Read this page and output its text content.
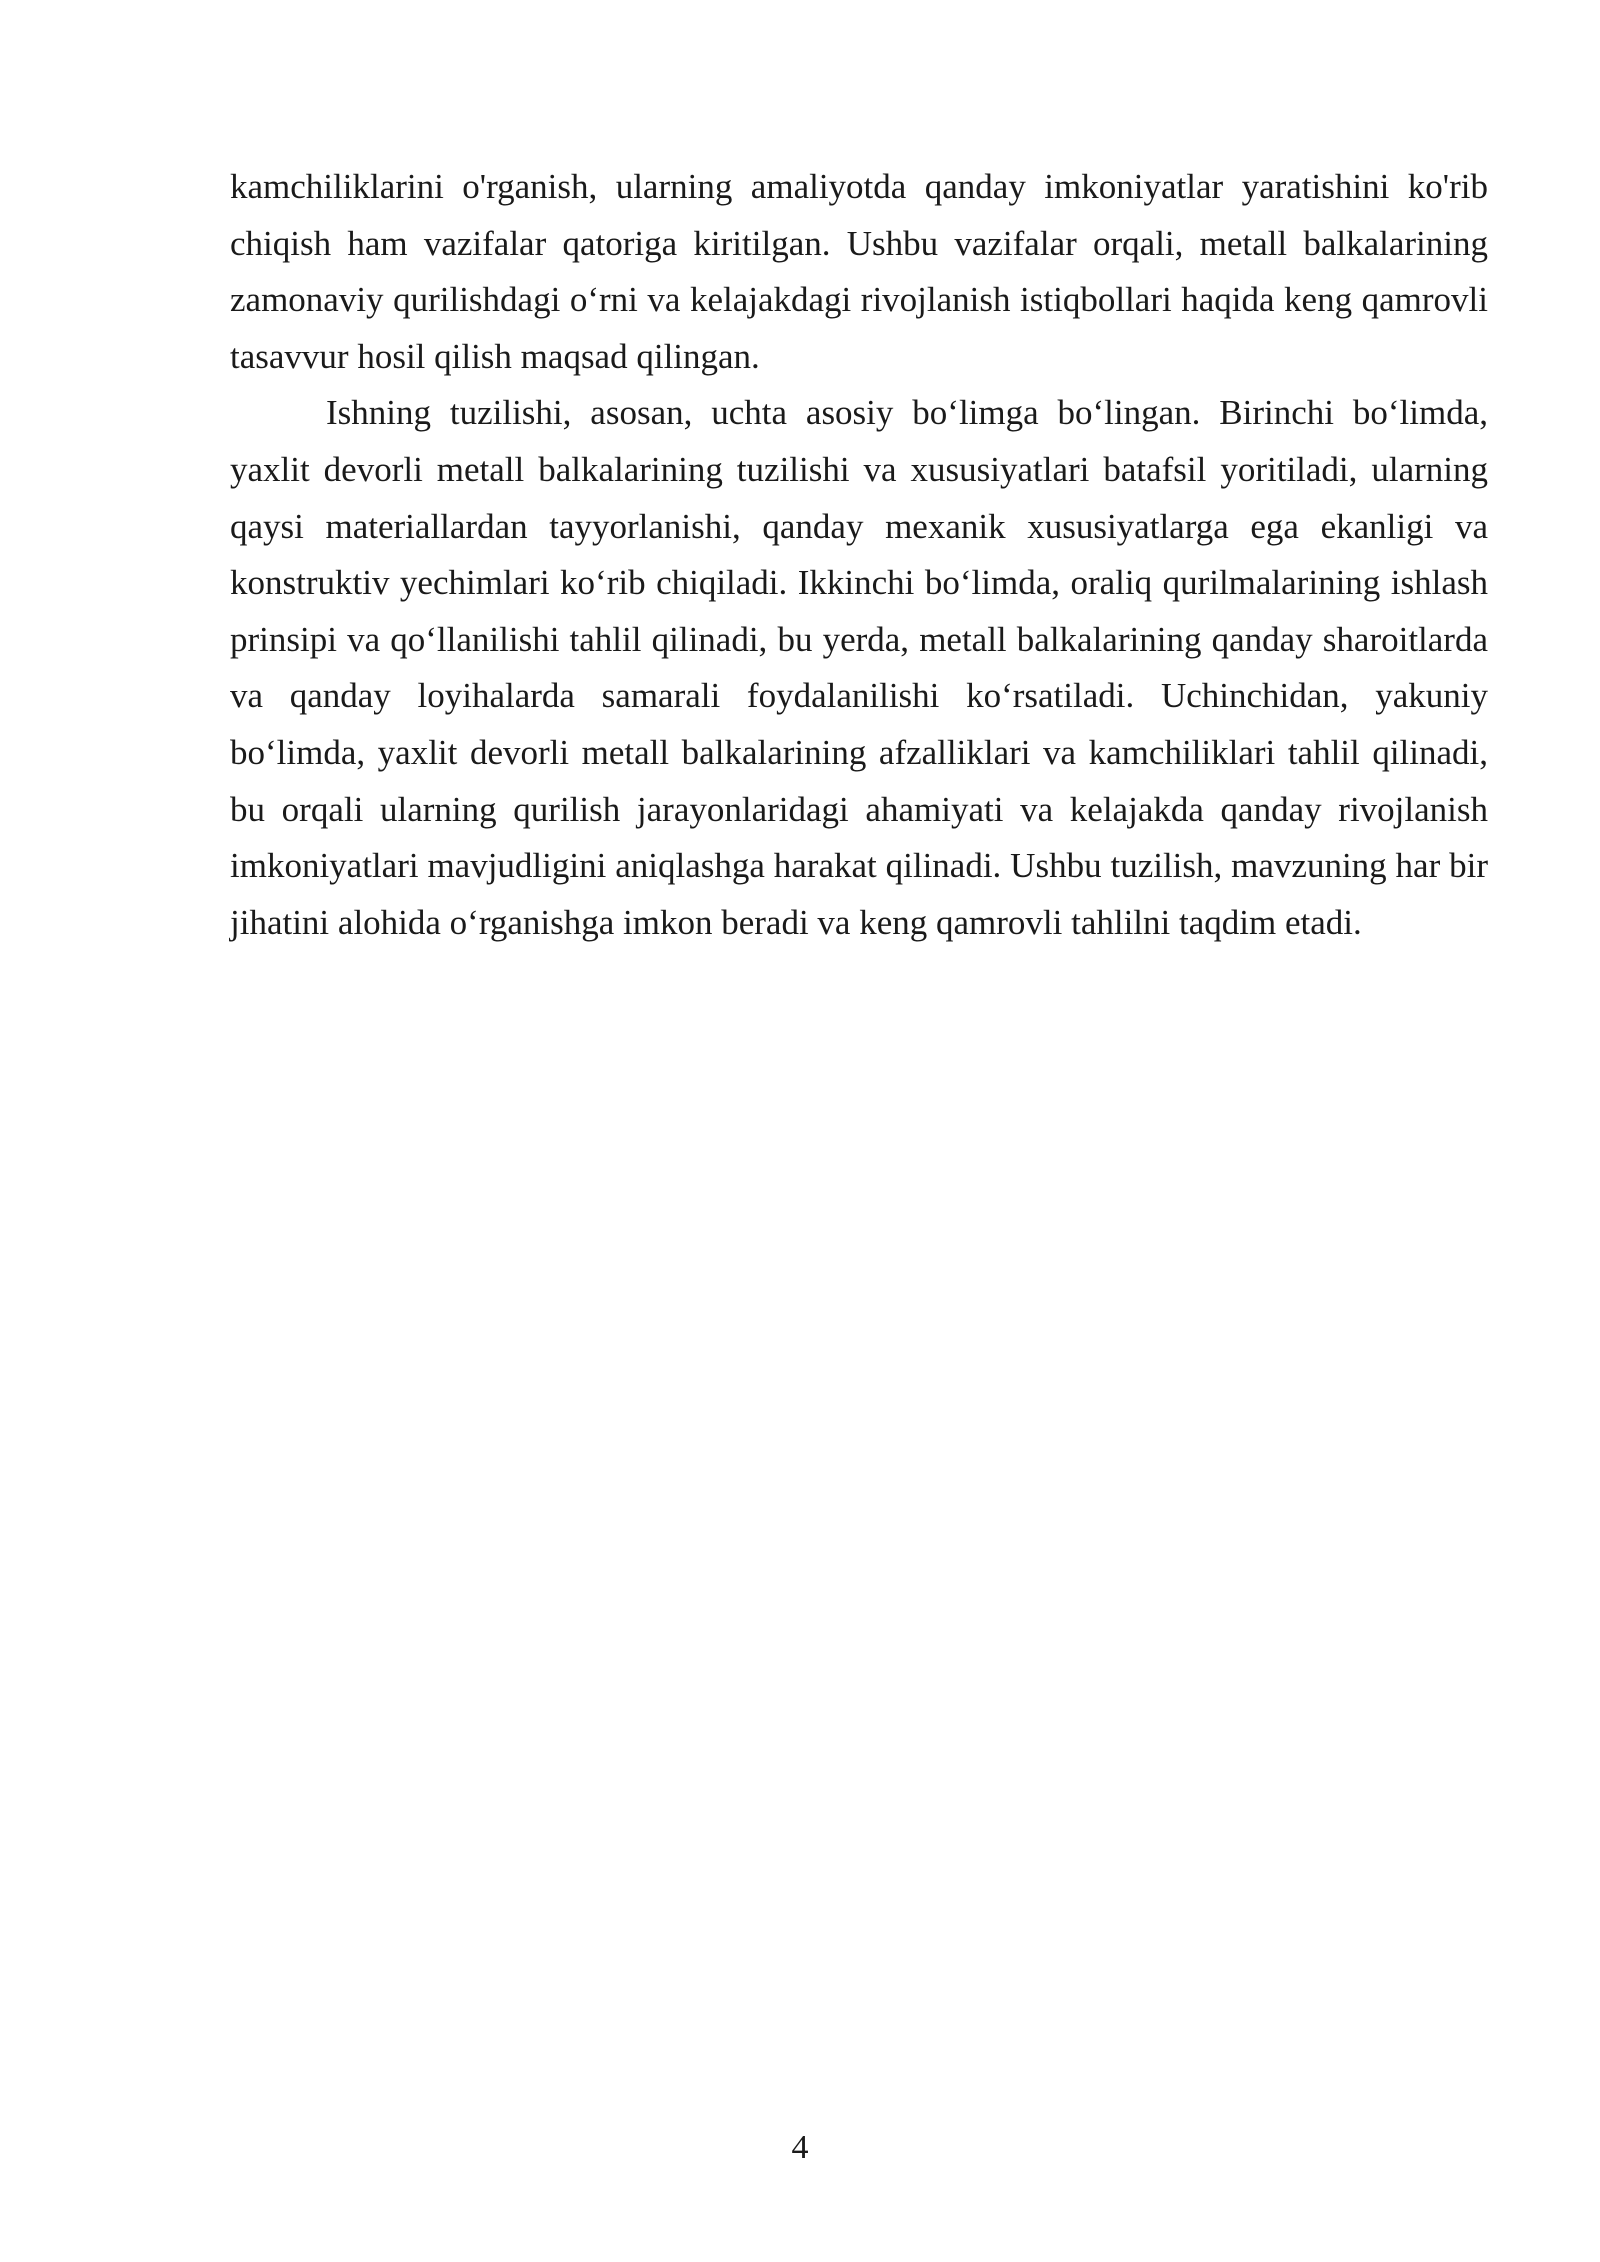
kamchiliklarini o'rganish, ularning amaliyotda qanday imkoniyatlar yaratishini ko'rib chiqish ham vazifalar qatoriga kiritilgan. Ushbu vazifalar orqali, metall balkalarining zamonaviy qurilishdagi o‘rni va kelajakdagi rivojlanish istiqbollari haqida keng qamrovli tasavvur hosil qilish maqsad qilingan.

Ishning tuzilishi, asosan, uchta asosiy bo‘limga bo‘lingan. Birinchi bo‘limda, yaxlit devorli metall balkalarining tuzilishi va xususiyatlari batafsil yoritiladi, ularning qaysi materiallardan tayyorlanishi, qanday mexanik xususiyatlarga ega ekanligi va konstruktiv yechimlari ko‘rib chiqiladi. Ikkinchi bo‘limda, oraliq qurilmalarining ishlash prinsipi va qo‘llanilishi tahlil qilinadi, bu yerda, metall balkalarining qanday sharoitlarda va qanday loyihalarda samarali foydalanilishi ko‘rsatiladi. Uchinchidan, yakuniy bo‘limda, yaxlit devorli metall balkalarining afzalliklari va kamchiliklari tahlil qilinadi, bu orqali ularning qurilish jarayonlaridagi ahamiyati va kelajakda qanday rivojlanish imkoniyatlari mavjudligini aniqlashga harakat qilinadi. Ushbu tuzilish, mavzuning har bir jihatini alohida o‘rganishga imkon beradi va keng qamrovli tahlilni taqdim etadi.

4
